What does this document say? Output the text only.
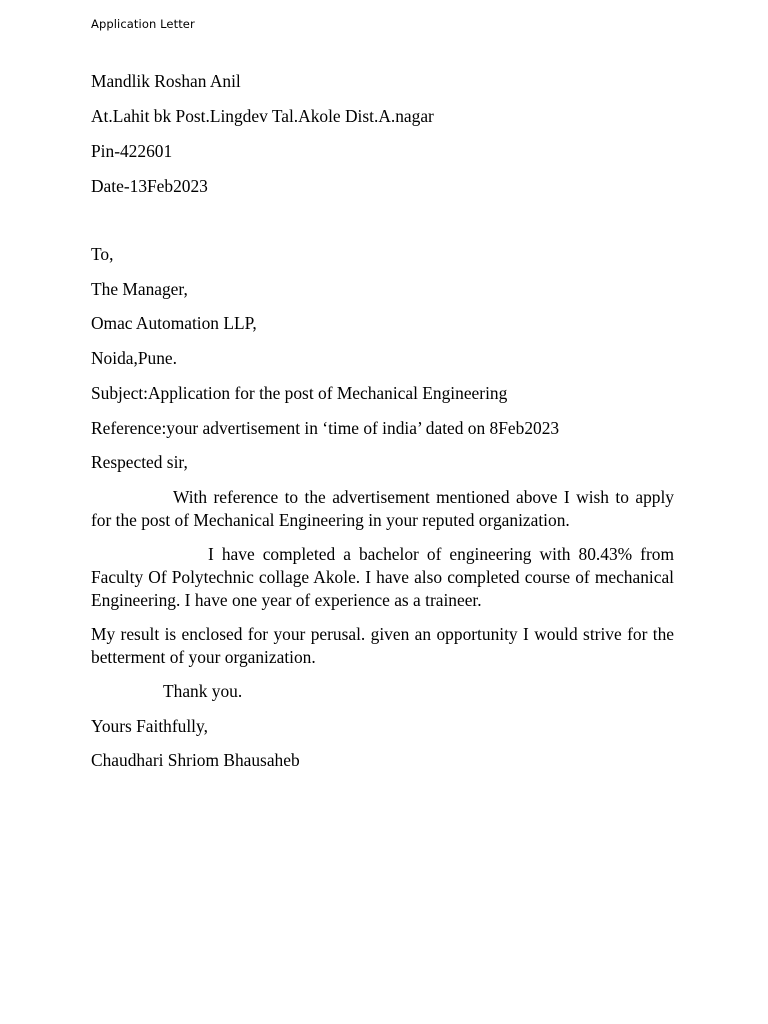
Application Letter
Mandlik Roshan Anil
At.Lahit bk Post.Lingdev Tal.Akole Dist.A.nagar
Pin-422601
Date-13Feb2023
To,
The Manager,
Omac Automation LLP,
Noida,Pune.
Subject:Application for the post of Mechanical Engineering
Reference:your advertisement in ‘time of india’ dated on 8Feb2023
Respected sir,
With reference to the advertisement mentioned above I wish to apply for the post of Mechanical Engineering in your reputed organization.
I have completed a bachelor of engineering with 80.43% from Faculty Of Polytechnic collage Akole. I have also completed course of mechanical Engineering. I have one year of experience as a traineer.
My result is enclosed for your perusal. given an opportunity I would strive for the betterment of your organization.
Thank you.
Yours Faithfully,
Chaudhari Shriom Bhausaheb
